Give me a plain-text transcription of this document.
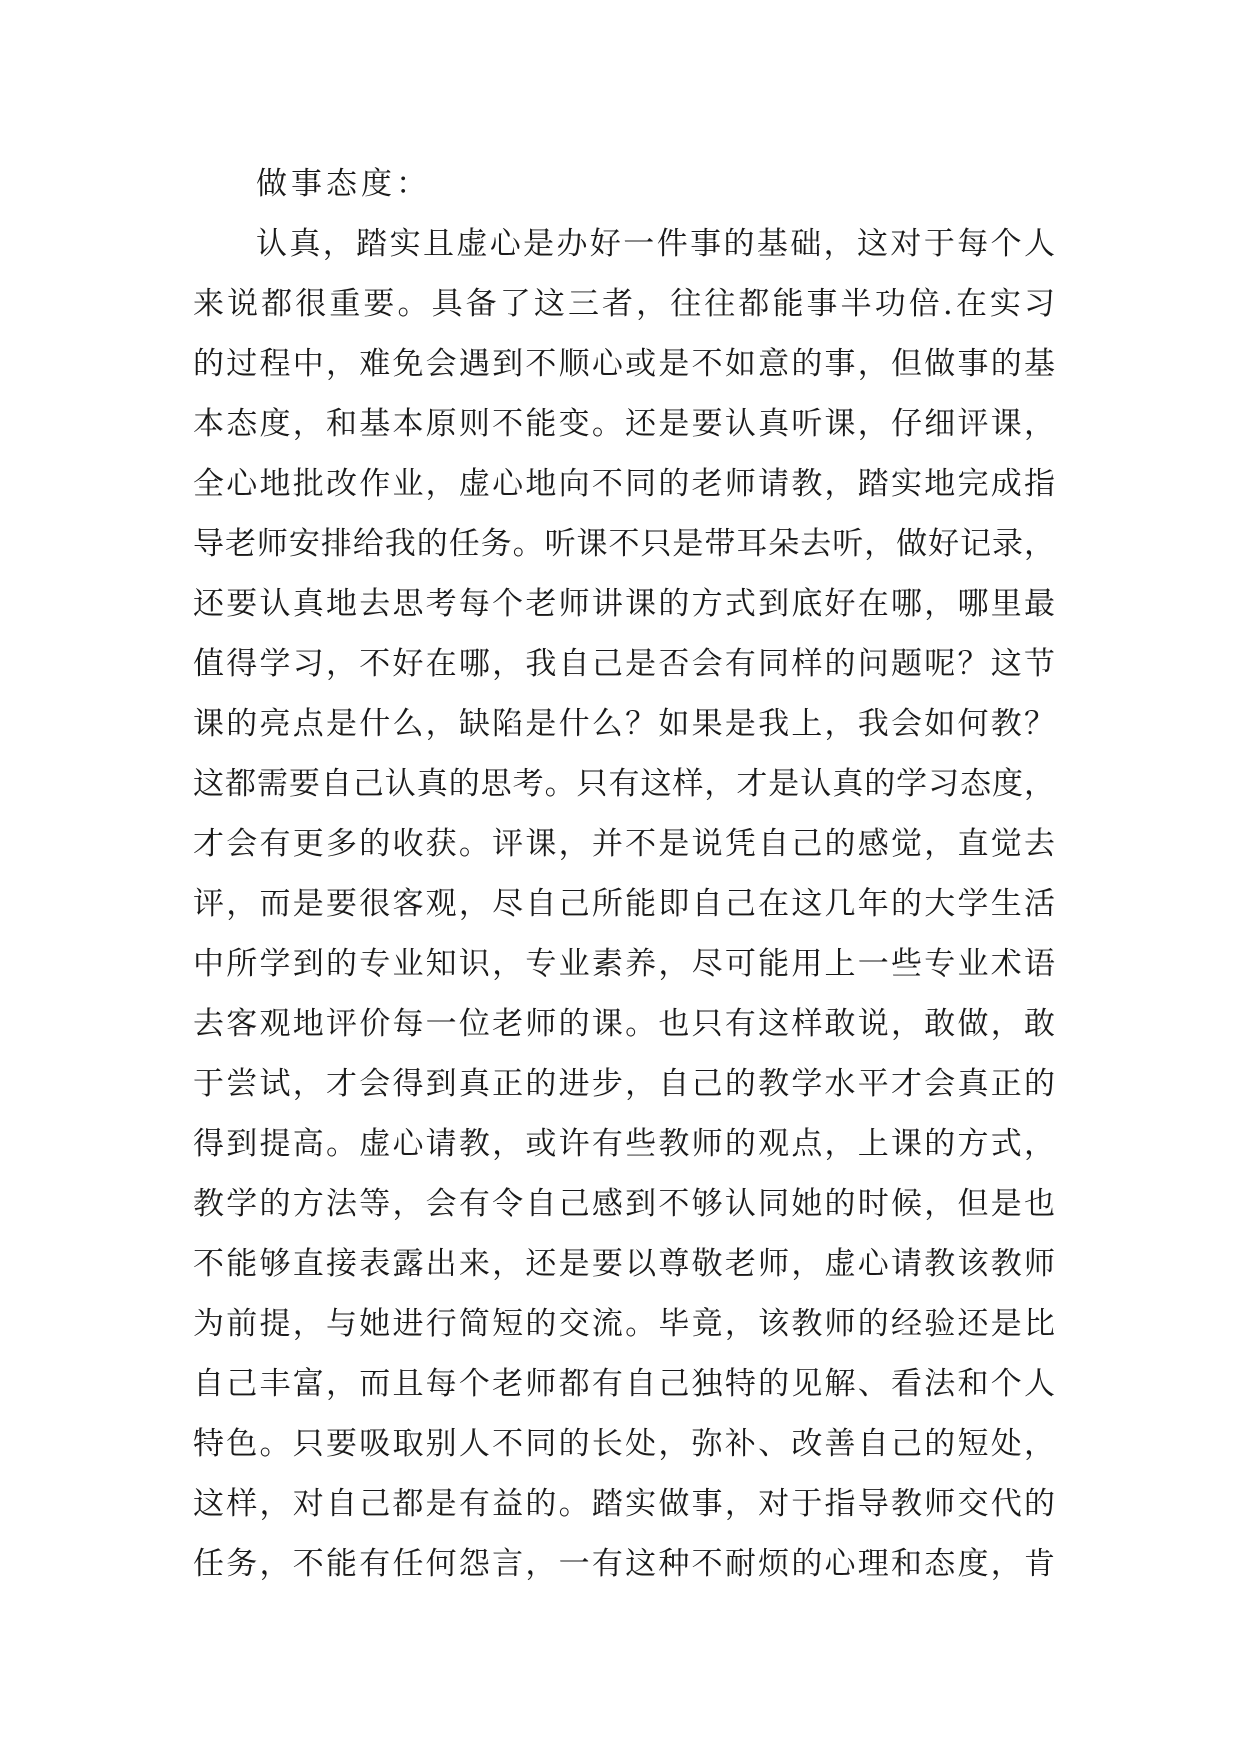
做事态度：
认真，踏实且虚心是办好一件事的基础，这对于每个人
来说都很重要。具备了这三者，往往都能事半功倍.在实习
的过程中，难免会遇到不顺心或是不如意的事，但做事的基
本态度，和基本原则不能变。还是要认真听课，仔细评课，
全心地批改作业，虚心地向不同的老师请教，踏实地完成指
导老师安排给我的任务。听课不只是带耳朵去听，做好记录，
还要认真地去思考每个老师讲课的方式到底好在哪，哪里最
值得学习，不好在哪，我自己是否会有同样的问题呢？这节
课的亮点是什么，缺陷是什么？如果是我上，我会如何教？
这都需要自己认真的思考。只有这样，才是认真的学习态度，
才会有更多的收获。评课，并不是说凭自己的感觉，直觉去
评，而是要很客观，尽自己所能即自己在这几年的大学生活
中所学到的专业知识，专业素养，尽可能用上一些专业术语
去客观地评价每一位老师的课。也只有这样敢说，敢做，敢
于尝试，才会得到真正的进步，自己的教学水平才会真正的
得到提高。虚心请教，或许有些教师的观点，上课的方式，
教学的方法等，会有令自己感到不够认同她的时候，但是也
不能够直接表露出来，还是要以尊敬老师，虚心请教该教师
为前提，与她进行简短的交流。毕竟，该教师的经验还是比
自己丰富，而且每个老师都有自己独特的见解、看法和个人
特色。只要吸取别人不同的长处，弥补、改善自己的短处，
这样，对自己都是有益的。踏实做事，对于指导教师交代的
任务，不能有任何怨言，一有这种不耐烦的心理和态度，肯
